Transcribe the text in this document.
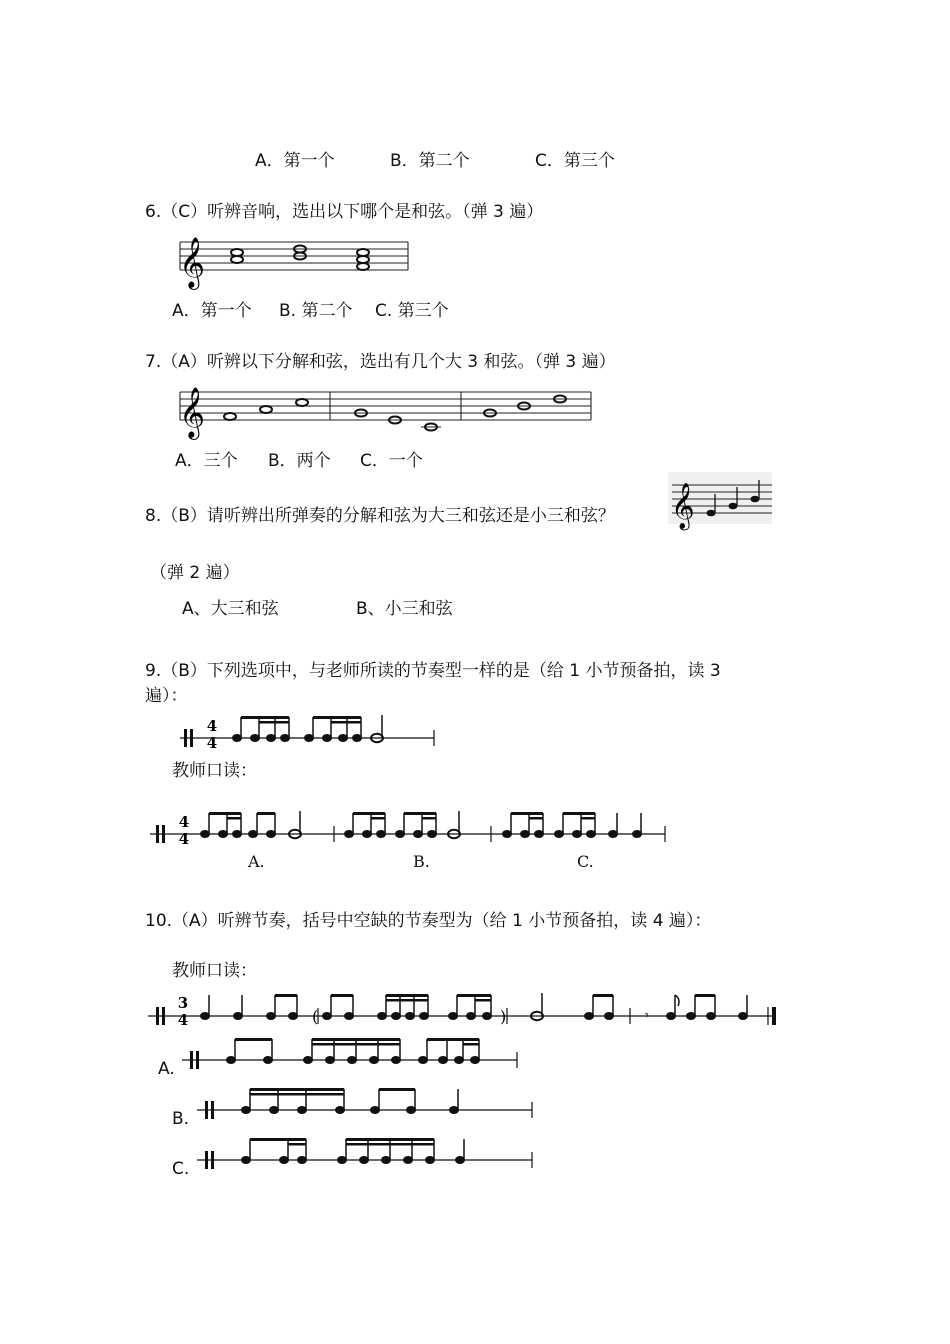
A．第一个	B．第二个	C．第三个
6.（C）听辨音响，选出以下哪个是和弦。（弹 3 遍）
𝄞
A．第一个 B. 第二个 C. 第三个
7.（A）听辨以下分解和弦，选出有几个大 3 和弦。（弹 3 遍）
𝄞
A．三个 B．两个 C．一个
8.（B）请听辨出所弹奏的分解和弦为大三和弦还是小三和弦？ 𝄞
（弹 2 遍）
A、大三和弦	B、小三和弦
9.（B）下列选项中，与老师所读的节奏型一样的是（给 1 小节预备拍，读 3
遍）：
4
4
教师口读：
4
4
A.	B.	C.
10.（A）听辨节奏，括号中空缺的节奏型为（给 1 小节预备拍，读 4 遍）：
教师口读：
3
4	(	)	𝄾
A.
B.
C.
